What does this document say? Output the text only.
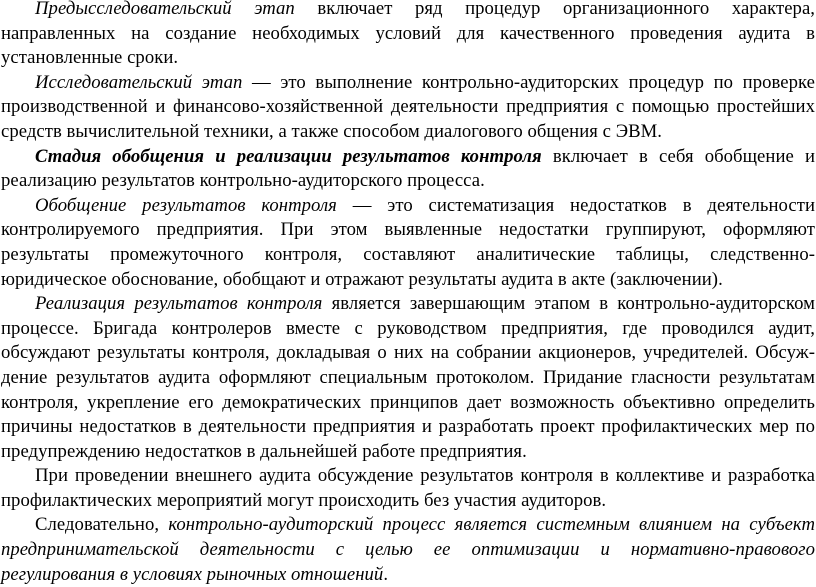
Предысследовательский этап включает ряд процедур организационного характера, направленных на создание необходимых условий для качественного проведения аудита в установленные сроки.

Исследовательский этап — это выполнение контрольно-аудиторских процедур по проверке производственной и финансово-хозяйственной деятельности предприятия с помощью простейших средств вычислительной техники, а также способом диалогового общения с ЭВМ.

Стадия обобщения и реализации результатов контроля включает в себя обобщение и реализацию результатов контрольно-аудиторского процесса.

Обобщение результатов контроля — это систематизация недостатков в деятельности контролируемого предприятия. При этом выявленные недостатки группируют, оформляют результаты промежуточного контроля, составляют аналитические таблицы, следственно-юридическое обоснование, обобщают и отражают результаты аудита в акте (заключении).

Реализация результатов контроля является завершающим этапом в контрольно-аудиторском процессе. Бригада контролеров вместе с руководством предприятия, где проводился аудит, обсуждают результаты контроля, докладывая о них на собрании акционеров, учредителей. Обсуж-дение результатов аудита оформляют специальным протоколом. Придание гласности результатам контроля, укрепление его демократических принципов дает возможность объективно определить причины недостатков в деятельности предприятия и разработать проект профилактических мер по предупреждению недостатков в дальнейшей работе предприятия.

При проведении внешнего аудита обсуждение результатов контроля в коллективе и разработка профилактических мероприятий могут происходить без участия аудиторов.

Следовательно, контрольно-аудиторский процесс является системным влиянием на субъект предпринимательской деятельности с целью ее оптимизации и нормативно-правового регулирования в условиях рыночных отношений.
